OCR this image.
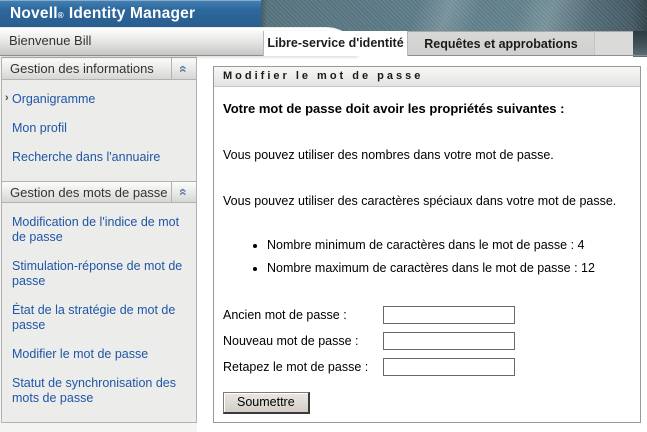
Novell® Identity Manager
Bienvenue Bill	Libre-service d'identité	Requêtes et approbations
Gestion des informations	«
› Organigramme
Mon profil
Recherche dans l'annuaire
Gestion des mots de passe «
Modification de l'indice de mot de passe
Stimulation-réponse de mot de passe
État de la stratégie de mot de passe
Modifier le mot de passe
Statut de synchronisation des mots de passe
Modifier le mot de passe
Votre mot de passe doit avoir les propriétés suivantes :
Vous pouvez utiliser des nombres dans votre mot de passe.
Vous pouvez utiliser des caractères spéciaux dans votre mot de passe.
• Nombre minimum de caractères dans le mot de passe : 4
• Nombre maximum de caractères dans le mot de passe : 12
Ancien mot de passe :
Nouveau mot de passe :
Retapez le mot de passe :
Soumettre
